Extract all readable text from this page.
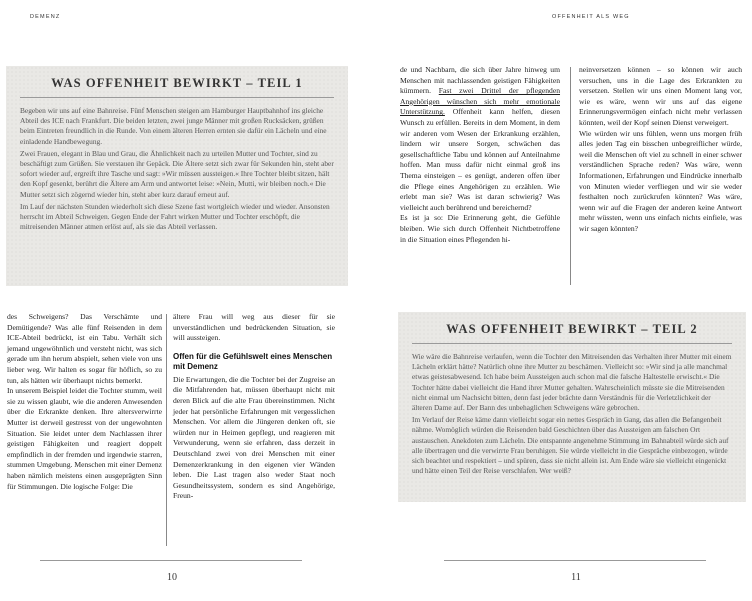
DEMENZ
WAS OFFENHEIT BEWIRKT – TEIL 1

Begeben wir uns auf eine Bahnreise. Fünf Menschen steigen am Hamburger Hauptbahnhof ins gleiche Abteil des ICE nach Frankfurt. Die beiden letzten, zwei junge Männer mit großen Rucksäcken, grüßen beim Eintreten freundlich in die Runde. Von einem älteren Herren ernten sie dafür ein Lächeln und eine einladende Handbewegung.

Zwei Frauen, elegant in Blau und Grau, die Ähnlichkeit nach zu urteilen Mutter und Tochter, sind zu beschäftigt zum Grüßen. Sie verstauen ihr Gepäck. Die Ältere setzt sich zwar für Sekunden hin, steht aber sofort wieder auf, ergreift ihre Tasche und sagt: »Wir müssen aussteigen.« Ihre Tochter bleibt sitzen, hält den Kopf gesenkt, berührt die Ältere am Arm und antwortet leise: »Nein, Mutti, wir bleiben noch.« Die Mutter setzt sich zögernd wieder hin, steht aber kurz darauf erneut auf.

Im Lauf der nächsten Stunden wiederholt sich diese Szene fast wortgleich wieder und wieder. Ansonsten herrscht im Abteil Schweigen. Gegen Ende der Fahrt wirken Mutter und Tochter erschöpft, die mitreisenden Männer atmen erlöst auf, als sie das Abteil verlassen.

des Schweigens? Das Verschämte und Demütigende? Was alle fünf Reisenden in dem ICE-Abteil bedrückt, ist ein Tabu. Verhält sich jemand ungewöhnlich und versteht nicht, was sich gerade um ihn herum abspielt, sehen viele von uns lieber weg. Wir halten es sogar für höflich, so zu tun, als hätten wir überhaupt nichts bemerkt.

In unserem Beispiel leidet die Tochter stumm, weil sie zu wissen glaubt, wie die anderen Anwesenden über die Erkrankte denken. Ihre altersverwirrte Mutter ist derweil gestresst von der ungewohnten Situation. Sie leidet unter dem Nachlassen ihrer geistigen Fähigkeiten und reagiert doppelt empfindlich in der fremden und irgendwie starren, stummen Umgebung. Menschen mit einer Demenz haben nämlich meistens einen ausgeprägten Sinn für Stimmungen. Die logische Folge: Die

ältere Frau will weg aus dieser für sie unverständlichen und bedrückenden Situation, sie will aussteigen.

Offen für die Gefühlswelt eines Menschen mit Demenz

Die Erwartungen, die die Tochter bei der Zugreise an die Mitfahrenden hat, müssen überhaupt nicht mit deren Blick auf die alte Frau übereinstimmen. Nicht jeder hat persönliche Erfahrungen mit vergesslichen Menschen. Vor allem die Jüngeren denken oft, sie würden nur in Heimen gepflegt, und reagieren mit Verwunderung, wenn sie erfahren, dass derzeit in Deutschland zwei von drei Menschen mit einer Demenzerkrankung in den eigenen vier Wänden leben. Die Last tragen also weder Staat noch Gesundheitssystem, sondern es sind Angehörige, Freun-

10
OFFENHEIT ALS WEG

de und Nachbarn, die sich über Jahre hinweg um Menschen mit nachlassenden geistigen Fähigkeiten kümmern. Fast zwei Drittel der pflegenden Angehörigen wünschen sich mehr emotionale Unterstützung. Offenheit kann helfen, diesen Wunsch zu erfüllen. Bereits in dem Moment, in dem wir anderen vom Wesen der Erkrankung erzählen, lindern wir unsere Sorgen, schwächen das gesellschaftliche Tabu und können auf Anteilnahme hoffen. Man muss dafür nicht einmal groß ins Thema einsteigen – es genügt, anderen offen über die Pflege eines Angehörigen zu erzählen. Wie erlebt man sie? Was ist daran schwierig? Was vielleicht auch berührend und bereichernd?

Es ist ja so: Die Erinnerung geht, die Gefühle bleiben. Wie sich durch Offenheit Nichtbetroffene in die Situation eines Pflegenden hi-

neinversetzen können – so können wir auch versuchen, uns in die Lage des Erkrankten zu versetzen. Stellen wir uns einen Moment lang vor, wie es wäre, wenn wir uns auf das eigene Erinnerungsvermögen einfach nicht mehr verlassen könnten, weil der Kopf seinen Dienst verweigert.

Wie würden wir uns fühlen, wenn uns morgen früh alles jeden Tag ein bisschen unbegreiflicher würde, weil die Menschen oft viel zu schnell in einer schwer verständlichen Sprache reden? Was wäre, wenn Informationen, Erfahrungen und Eindrücke innerhalb von Minuten wieder verfliegen und wir sie weder festhalten noch zurückrufen könnten? Was wäre, wenn wir auf die Fragen der anderen keine Antwort mehr wüssten, wenn uns einfach nichts einfiele, was wir sagen könnten?

WAS OFFENHEIT BEWIRKT – TEIL 2

Wie wäre die Bahnreise verlaufen, wenn die Tochter den Mitreisenden das Verhalten ihrer Mutter mit einem Lächeln erklärt hätte? Natürlich ohne ihre Mutter zu beschämen. Vielleicht so: »Wir sind ja alle manchmal etwas geistesabwesend. Ich habe beim Aussteigen auch schon mal die falsche Haltestelle erwischt.« Die Tochter hätte dabei vielleicht die Hand ihrer Mutter gehalten. Wahrscheinlich müsste sie die Mitreisenden nicht einmal um Nachsicht bitten, denn fast jeder brächte dann Verständnis für die Verletzlichkeit der älteren Dame auf. Der Bann des unbehaglichen Schweigens wäre gebrochen.

Im Verlauf der Reise käme dann vielleicht sogar ein nettes Gespräch in Gang, das allen die Befangenheit nähme. Womöglich würden die Reisenden bald Geschichten über das Aussteigen am falschen Ort austauschen. Anekdoten zum Lächeln. Die entspannte angenehme Stimmung im Bahnabteil würde sich auf alle übertragen und die verwirrte Frau beruhigen. Sie würde vielleicht in die Gespräche einbezogen, würde sich beachtet und respektiert – und spüren, dass sie nicht allein ist. Am Ende wäre sie vielleicht eingenickt und hätte einen Teil der Reise verschlafen. Wer weiß?

11
